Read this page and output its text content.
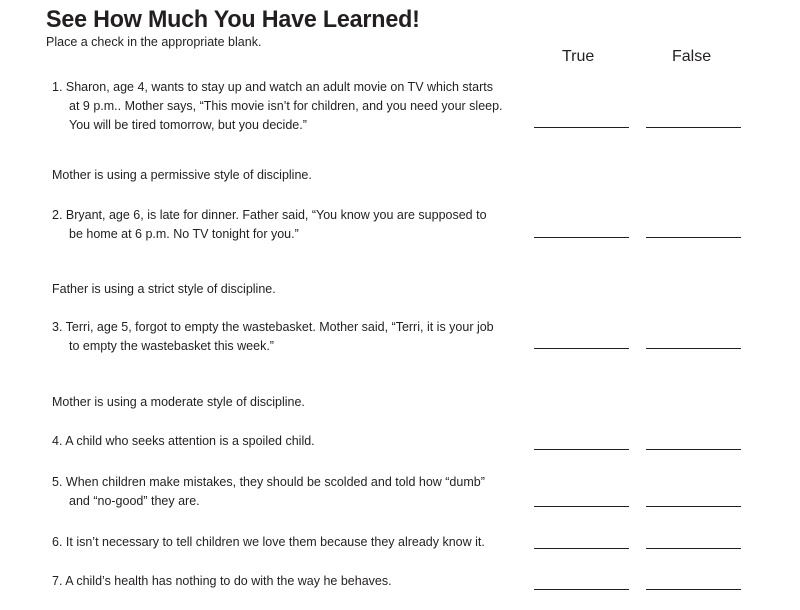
See How Much You Have Learned!
Place a check in the appropriate blank.
True	False
1. Sharon, age 4, wants to stay up and watch an adult movie on TV which starts
at 9 p.m.. Mother says, “This movie isn’t for children, and you need your sleep.
You will be tired tomorrow, but you decide.”
Mother is using a permissive style of discipline.
2. Bryant, age 6, is late for dinner. Father said, “You know you are supposed to
be home at 6 p.m. No TV tonight for you.”
Father is using a strict style of discipline.
3. Terri, age 5, forgot to empty the wastebasket. Mother said, “Terri, it is your job
to empty the wastebasket this week.”
Mother is using a moderate style of discipline.
4. A child who seeks attention is a spoiled child.
5. When children make mistakes, they should be scolded and told how “dumb”
and “no-good” they are.
6. It isn’t necessary to tell children we love them because they already know it.
7. A child’s health has nothing to do with the way he behaves.
